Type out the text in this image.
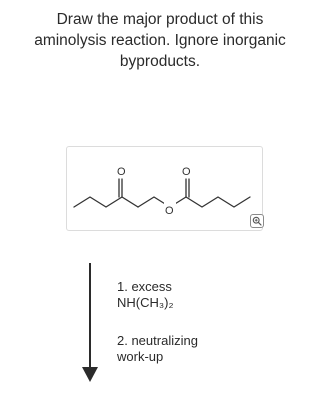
Draw the major product of this
aminolysis reaction. Ignore inorganic
byproducts.
O
O
O
1. excess
NH(CH₃)₂
2. neutralizing
work-up
